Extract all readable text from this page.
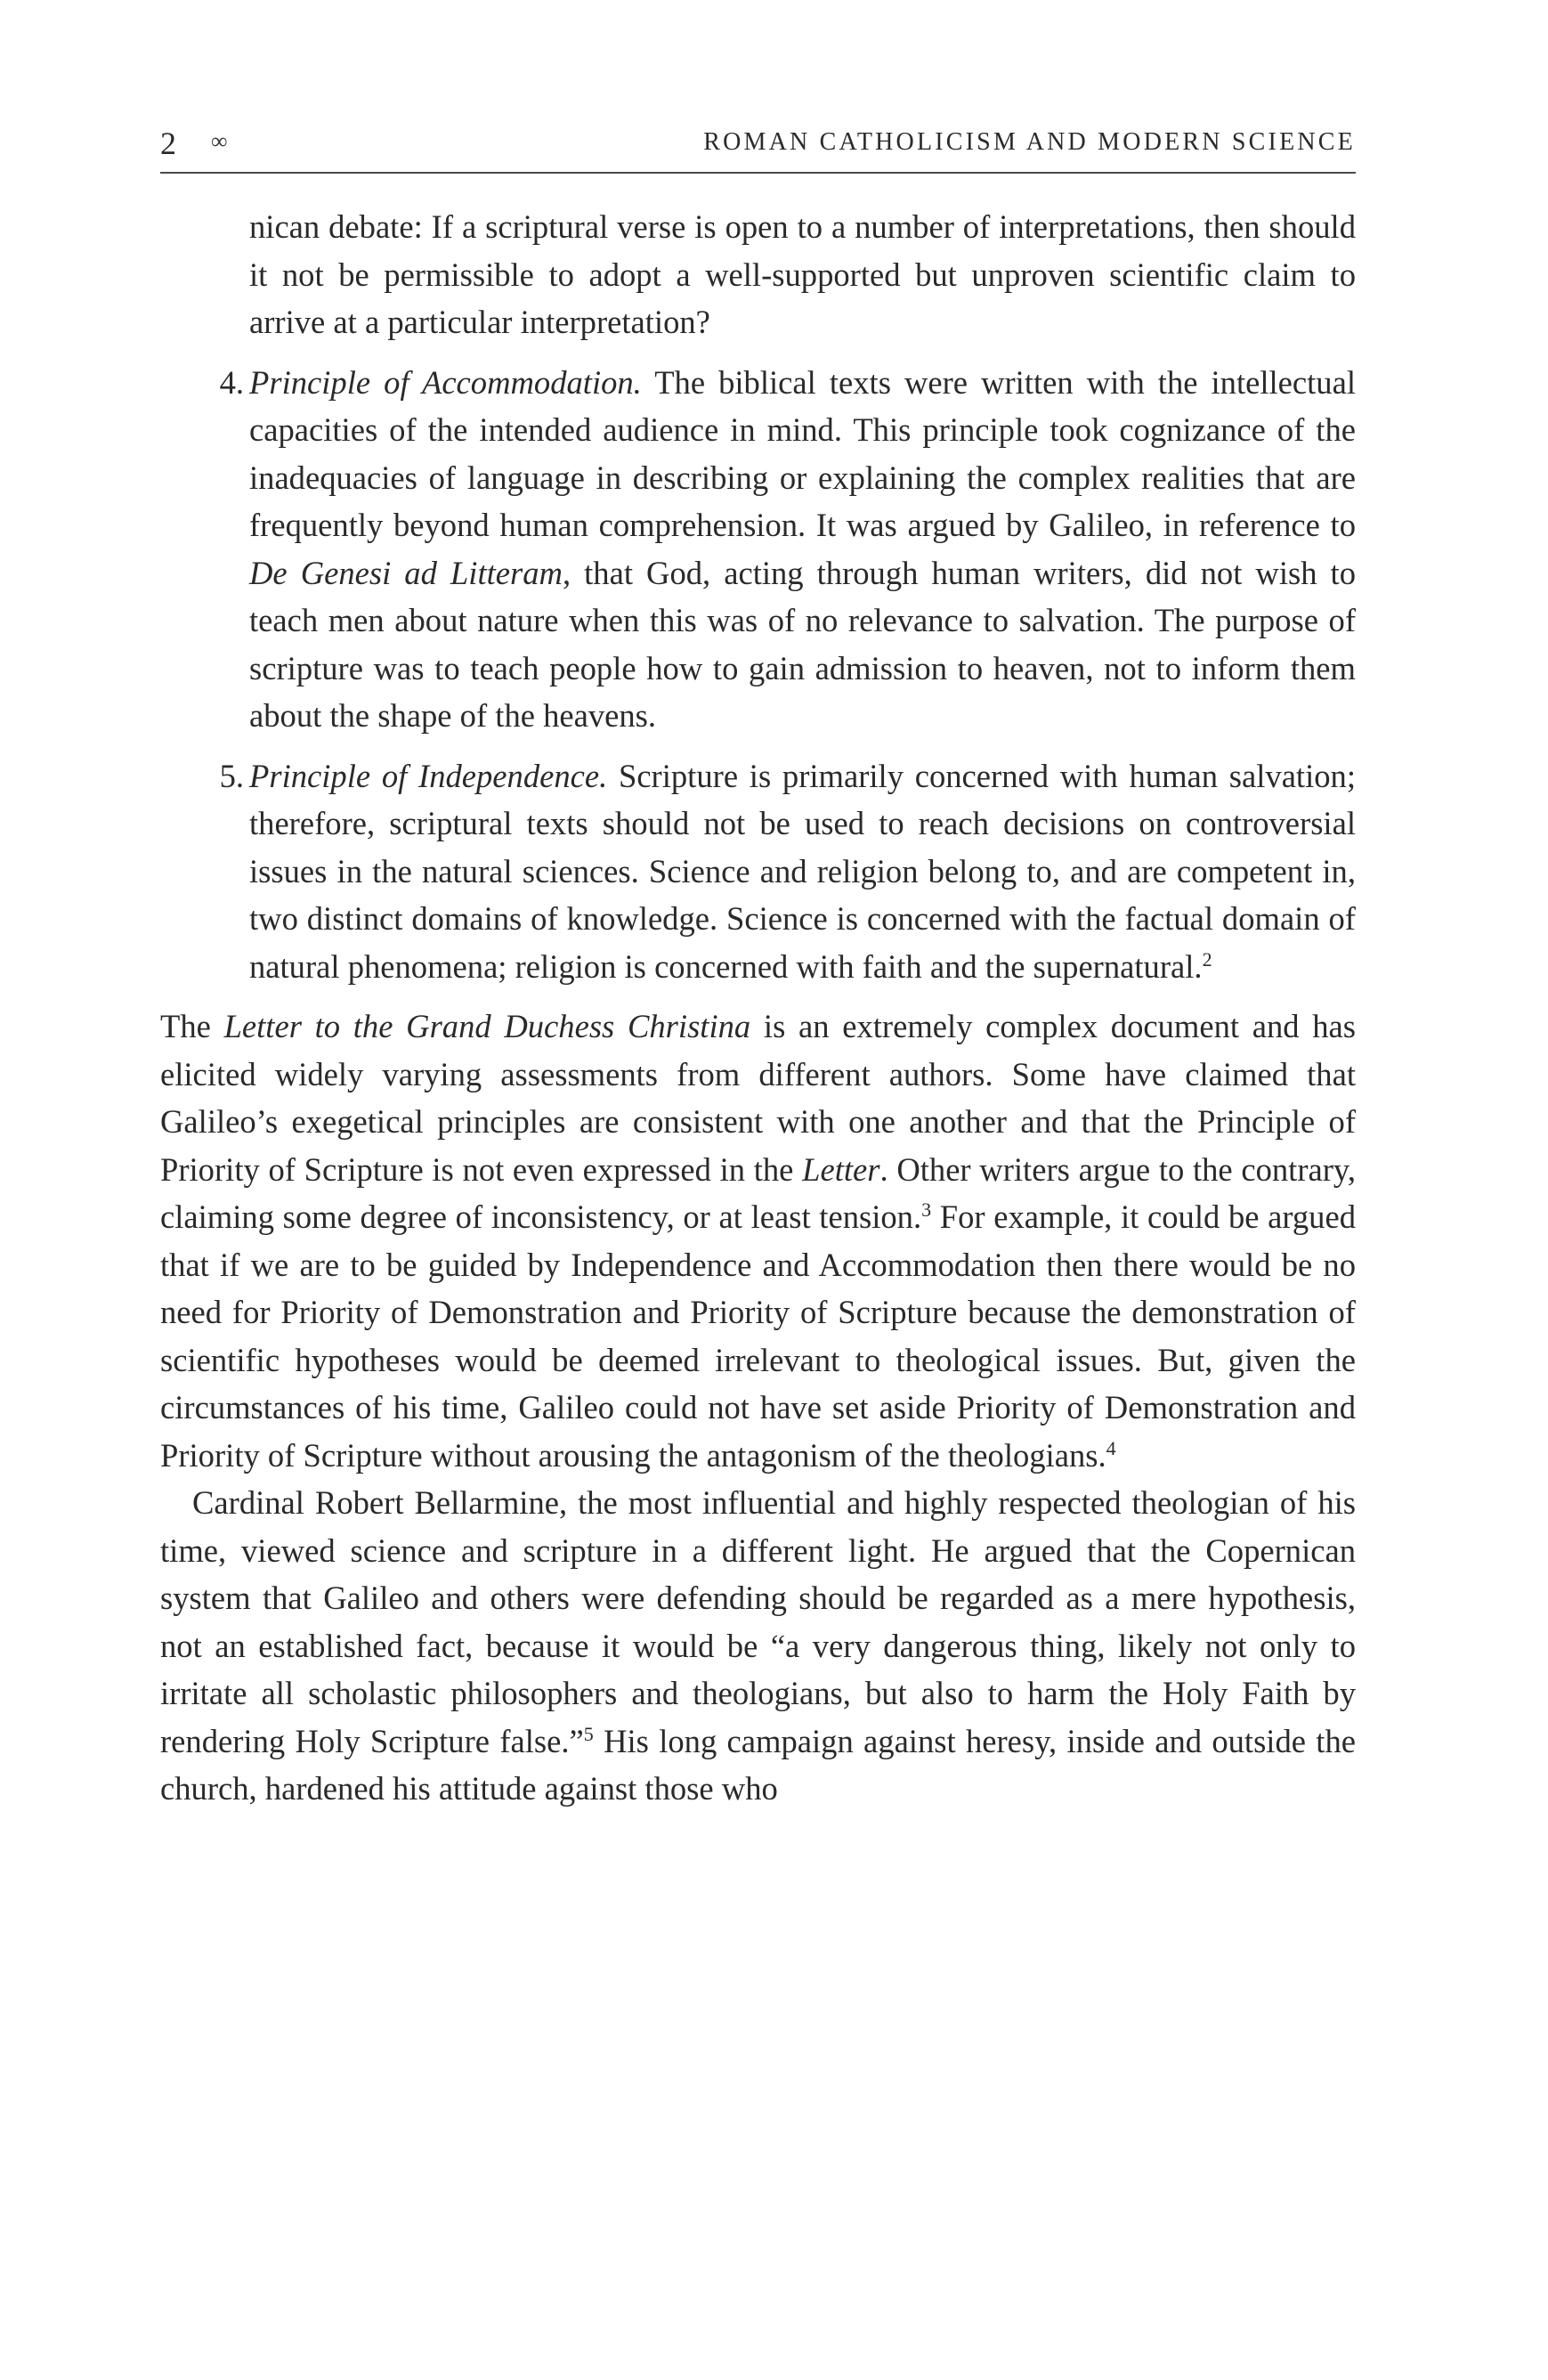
2 ∞	ROMAN CATHOLICISM AND MODERN SCIENCE

nican debate: If a scriptural verse is open to a number of interpretations, then should it not be permissible to adopt a well-supported but unproven scientific claim to arrive at a particular interpretation?

4. Principle of Accommodation. The biblical texts were written with the intellectual capacities of the intended audience in mind. This principle took cognizance of the inadequacies of language in describing or explaining the complex realities that are frequently beyond human comprehension. It was argued by Galileo, in reference to De Genesi ad Litteram, that God, acting through human writers, did not wish to teach men about nature when this was of no relevance to salvation. The purpose of scripture was to teach people how to gain admission to heaven, not to inform them about the shape of the heavens.

5. Principle of Independence. Scripture is primarily concerned with human salvation; therefore, scriptural texts should not be used to reach decisions on controversial issues in the natural sciences. Science and religion belong to, and are competent in, two distinct domains of knowledge. Science is concerned with the factual domain of natural phenomena; religion is concerned with faith and the supernatural.$^2$

The Letter to the Grand Duchess Christina is an extremely complex document and has elicited widely varying assessments from different authors. Some have claimed that Galileo’s exegetical principles are consistent with one another and that the Principle of Priority of Scripture is not even expressed in the Letter. Other writers argue to the contrary, claiming some degree of inconsistency, or at least tension.$^3$ For example, it could be argued that if we are to be guided by Independence and Accommodation then there would be no need for Priority of Demonstration and Priority of Scripture because the demonstration of scientific hypotheses would be deemed irrelevant to theological issues. But, given the circumstances of his time, Galileo could not have set aside Priority of Demonstration and Priority of Scripture without arousing the antagonism of the theologians.$^4$

Cardinal Robert Bellarmine, the most influential and highly respected theologian of his time, viewed science and scripture in a different light. He argued that the Copernican system that Galileo and others were defending should be regarded as a mere hypothesis, not an established fact, because it would be “a very dangerous thing, likely not only to irritate all scholastic philosophers and theologians, but also to harm the Holy Faith by rendering Holy Scripture false.”$^5$ His long campaign against heresy, inside and outside the church, hardened his attitude against those who
